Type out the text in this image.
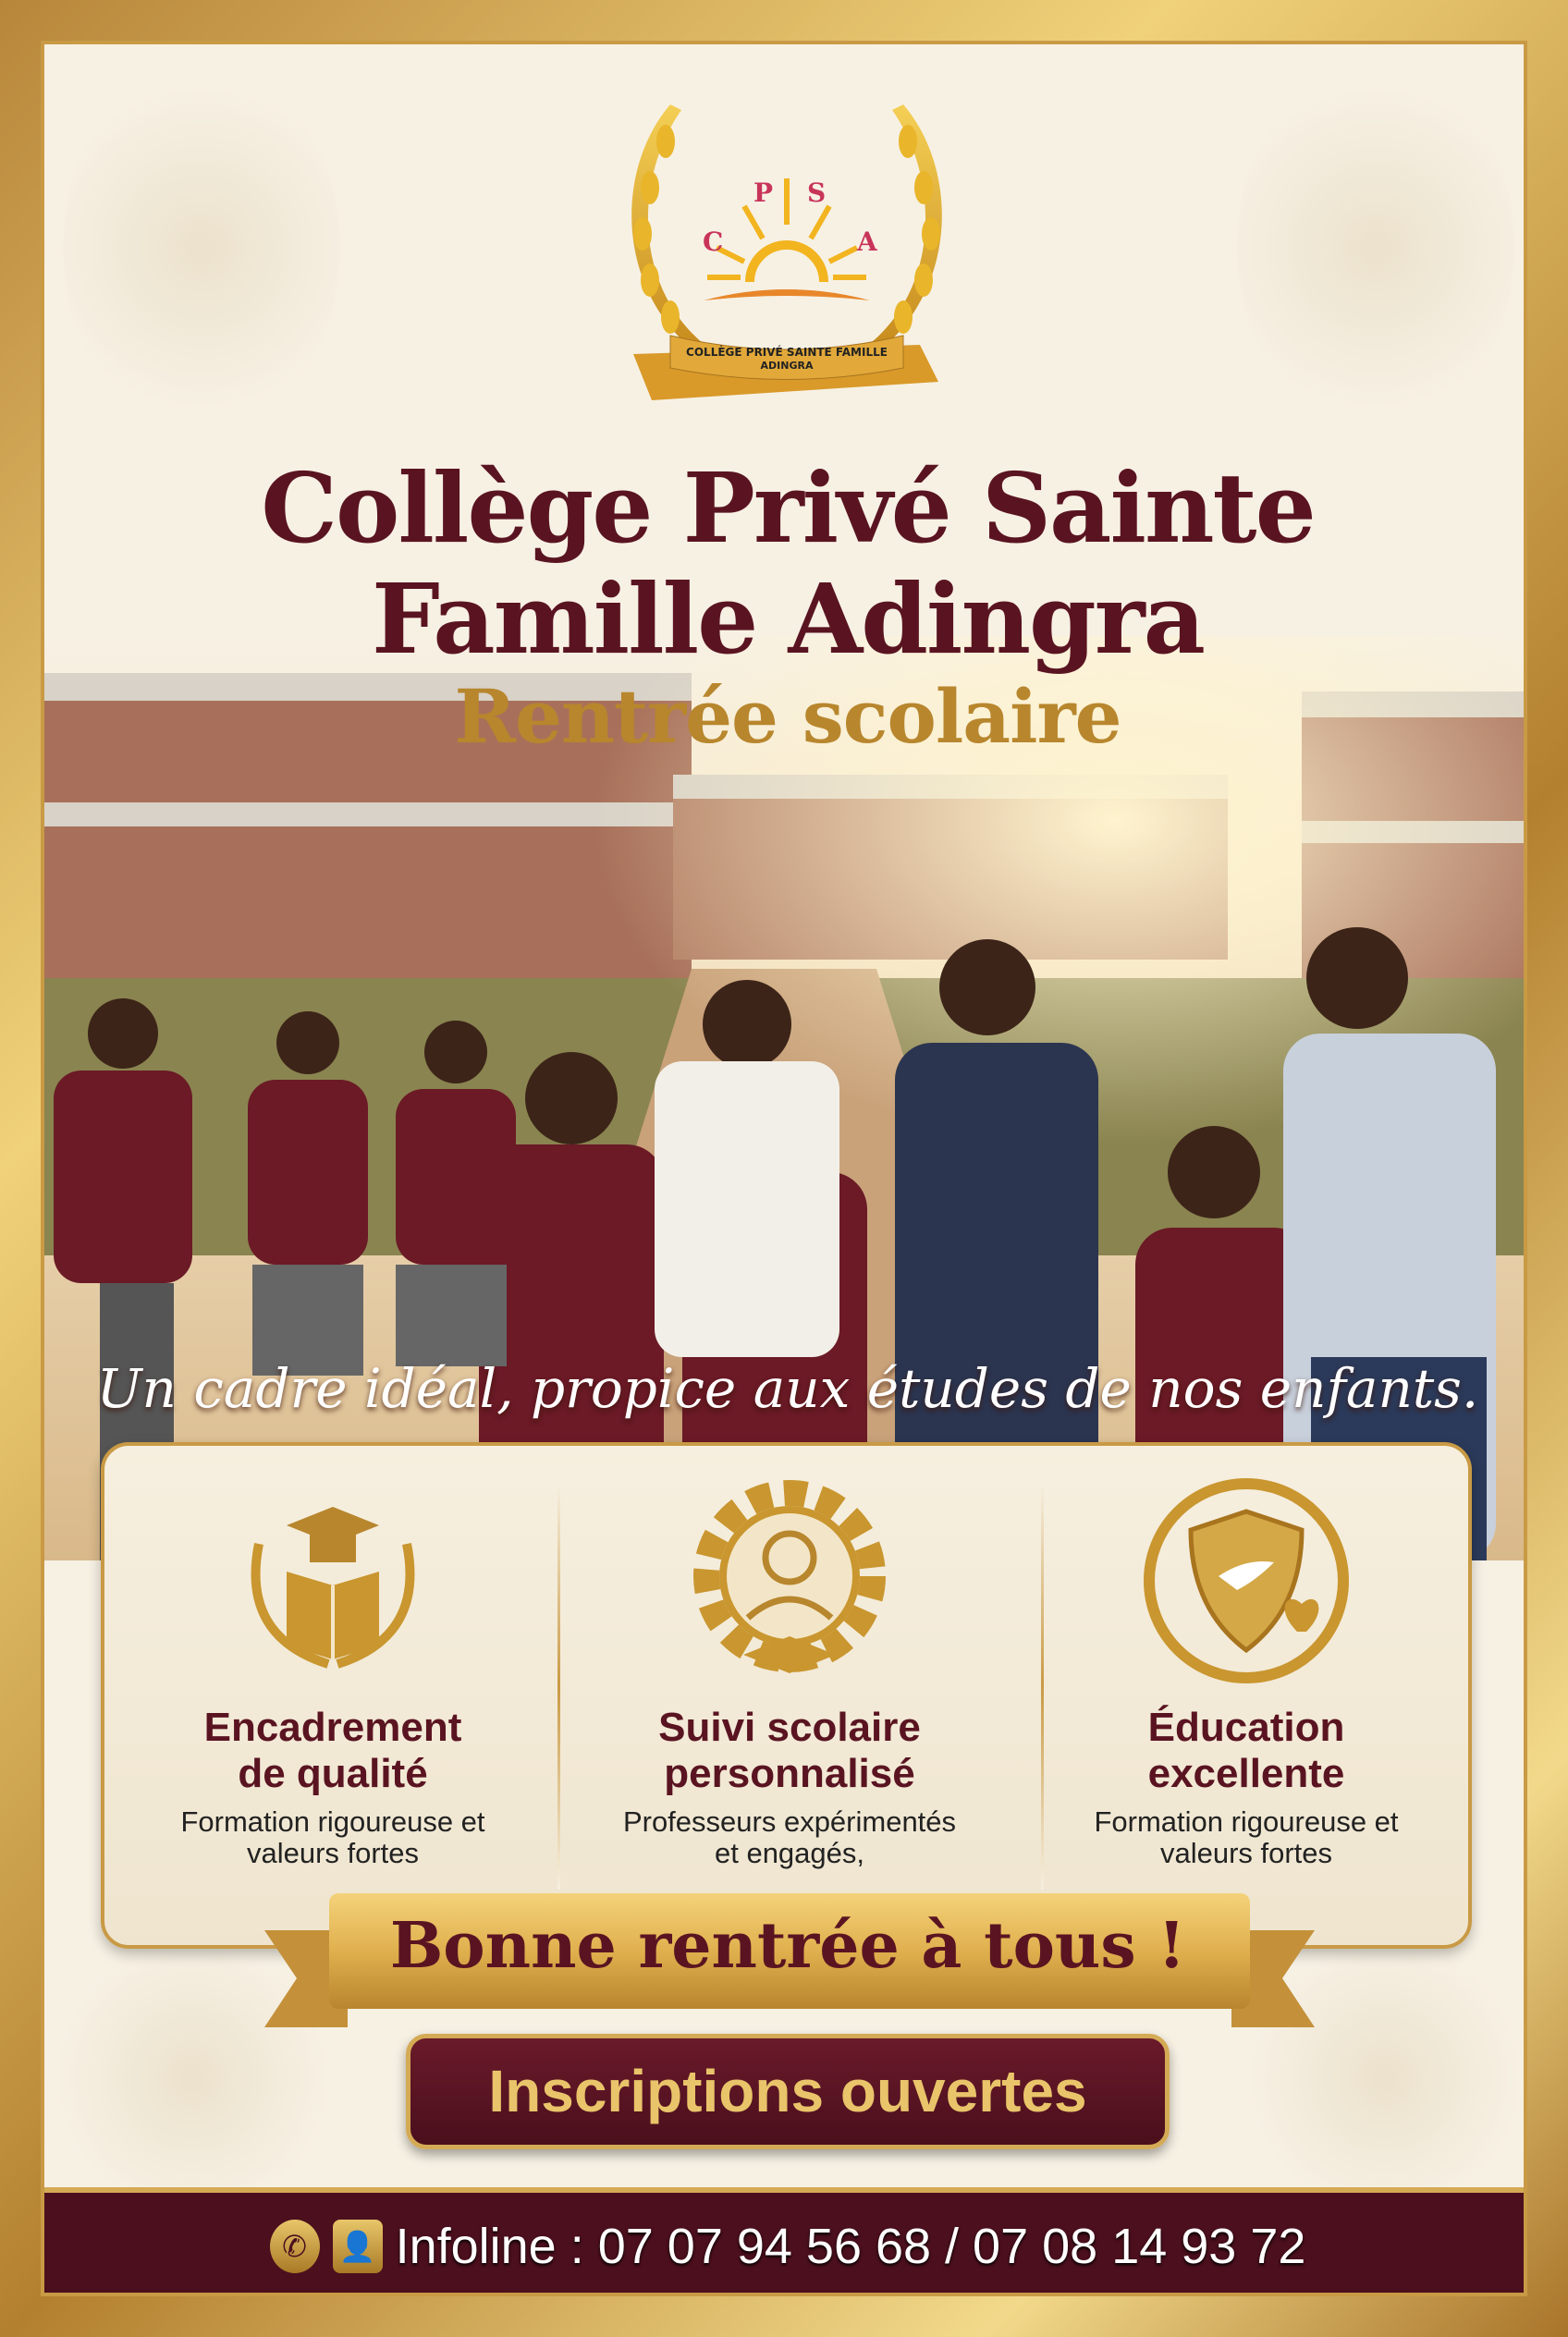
C
P S
A
COLLÈGE PRIVÉ SAINTE FAMILLE
ADINGRA
Collège Privé Sainte
Famille Adingra
Rentrée scolaire
Un cadre idéal, propice aux études de nos enfants.
Encadrement
de qualité
Formation rigoureuse et
valeurs fortes
Suivi scolaire
personnalisé
Professeurs expérimentés
et engagés,
Éducation
excellente
Formation rigoureuse et
valeurs fortes
Bonne rentrée à tous !
Inscriptions ouvertes
✆	👤 Infoline : 07 07 94 56 68 / 07 08 14 93 72
